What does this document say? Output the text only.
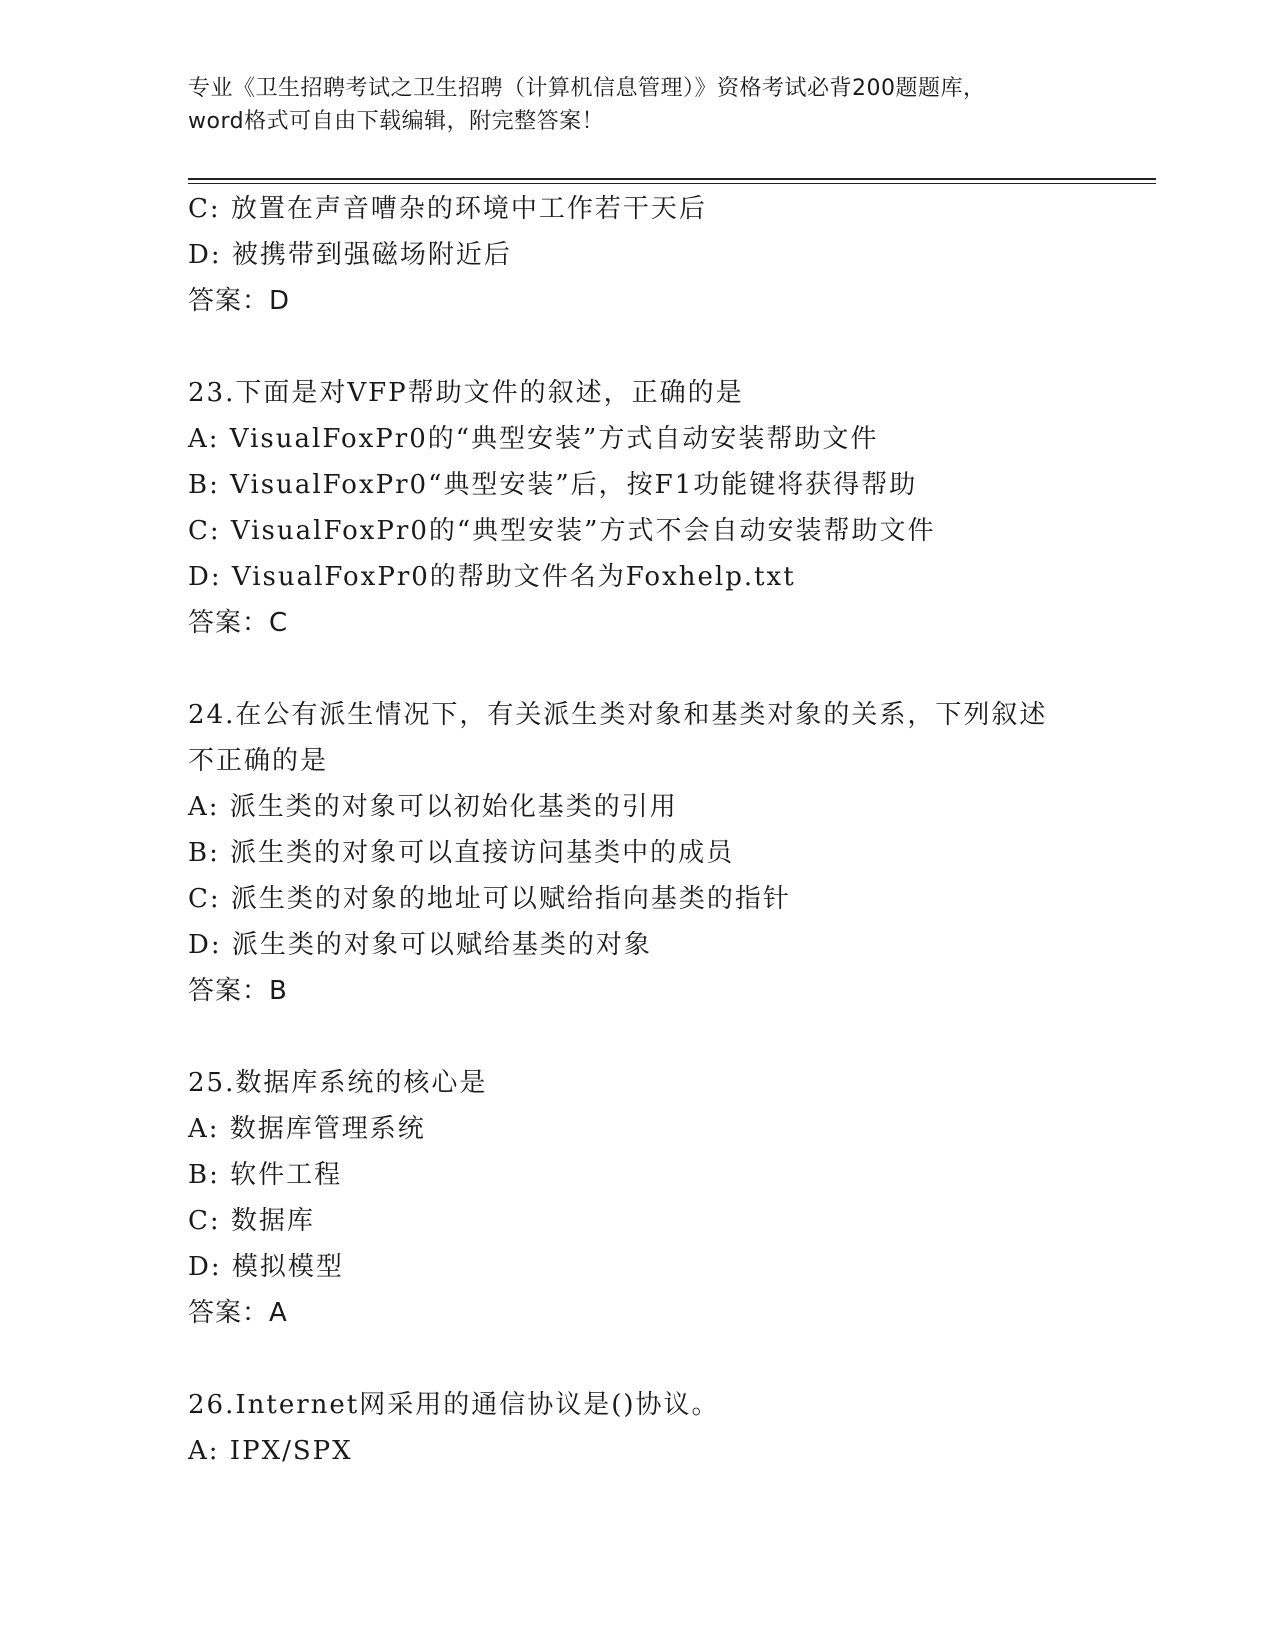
专业《卫生招聘考试之卫生招聘（计算机信息管理）》资格考试必背200题题库，
word格式可自由下载编辑，附完整答案！
C: 放置在声音嘈杂的环境中工作若干天后
D: 被携带到强磁场附近后
答案：D
23.下面是对VFP帮助文件的叙述，正确的是
A: VisualFoxPr0的“典型安装”方式自动安装帮助文件
B: VisualFoxPr0“典型安装”后，按F1功能键将获得帮助
C: VisualFoxPr0的“典型安装”方式不会自动安装帮助文件
D: VisualFoxPr0的帮助文件名为Foxhelp.txt
答案：C
24.在公有派生情况下，有关派生类对象和基类对象的关系，下列叙述
不正确的是
A: 派生类的对象可以初始化基类的引用
B: 派生类的对象可以直接访问基类中的成员
C: 派生类的对象的地址可以赋给指向基类的指针
D: 派生类的对象可以赋给基类的对象
答案：B
25.数据库系统的核心是
A: 数据库管理系统
B: 软件工程
C: 数据库
D: 模拟模型
答案：A
26.Internet网采用的通信协议是()协议。
A: IPX/SPX
